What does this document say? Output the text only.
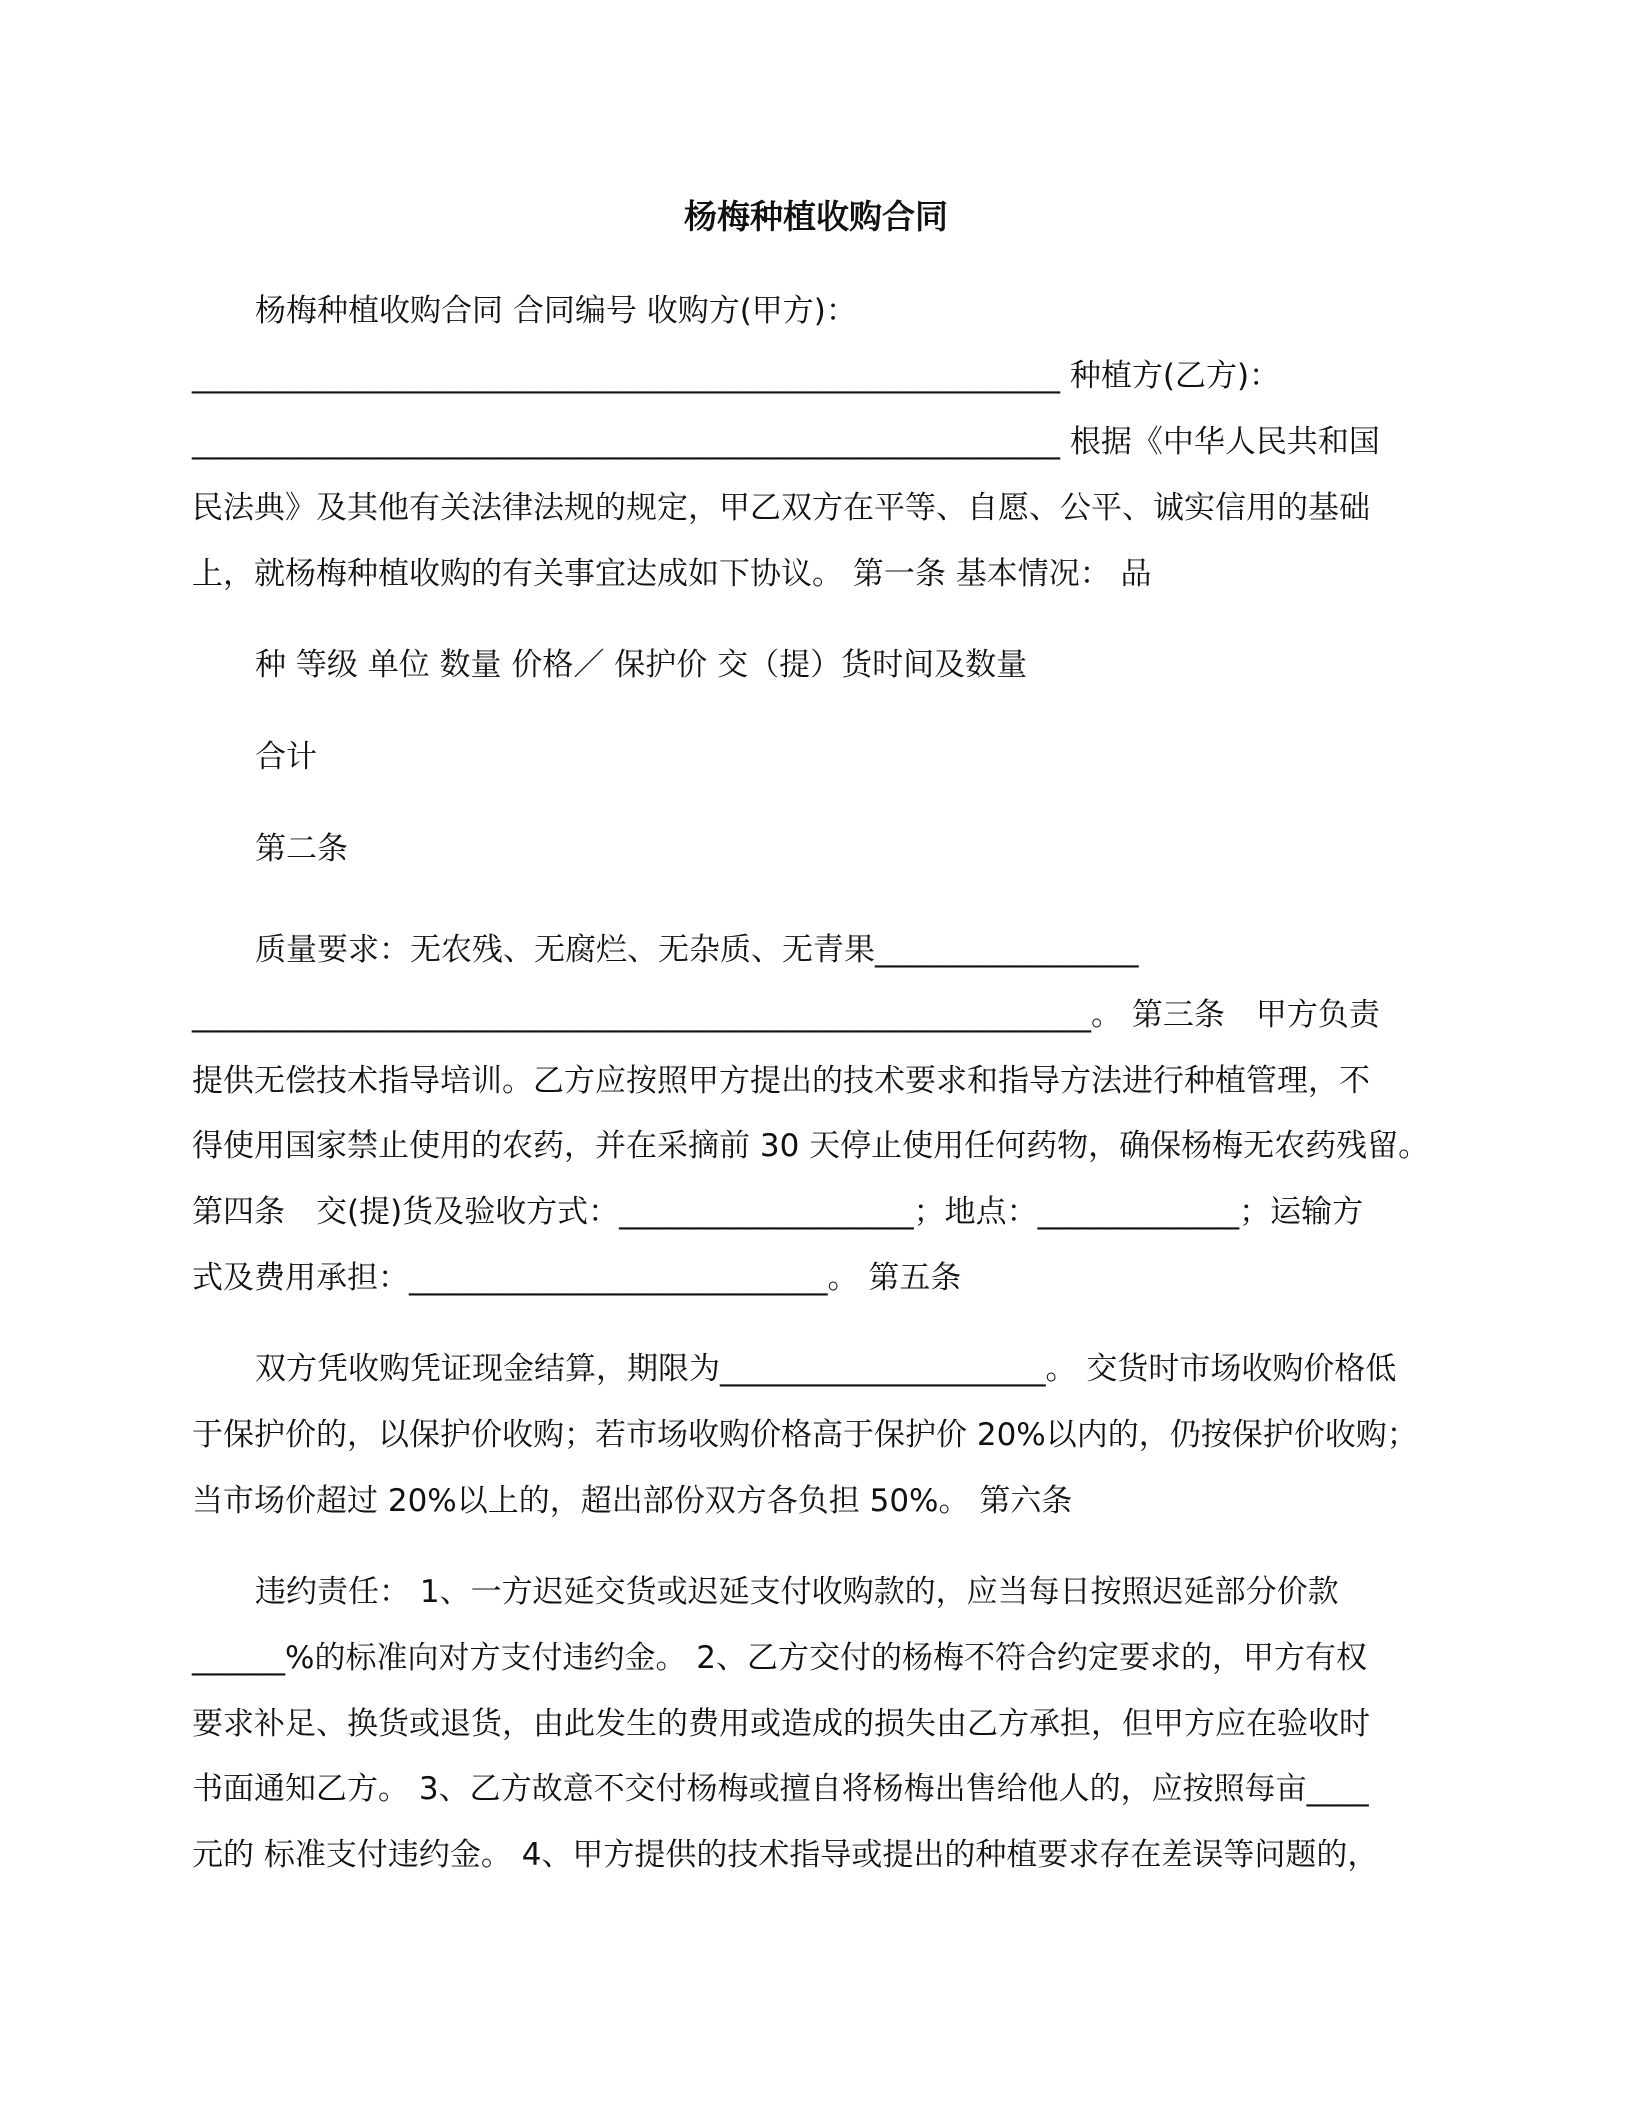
杨梅种植收购合同
杨梅种植收购合同 合同编号 收购方(甲方)：
________________________________________________________ 种植方(乙方)：
________________________________________________________ 根据《中华人民共和国
民法典》及其他有关法律法规的规定，甲乙双方在平等、自愿、公平、诚实信用的基础
上，就杨梅种植收购的有关事宜达成如下协议。 第一条 基本情况： 品
种 等级 单位 数量 价格／ 保护价 交（提）货时间及数量
合计
第二条
质量要求：无农残、无腐烂、无杂质、无青果_________________
__________________________________________________________。 第三条　甲方负责
提供无偿技术指导培训。乙方应按照甲方提出的技术要求和指导方法进行种植管理，不
得使用国家禁止使用的农药，并在采摘前 30 天停止使用任何药物，确保杨梅无农药残留。
第四条　交(提)货及验收方式：___________________；地点：_____________；运输方
式及费用承担：___________________________。 第五条
双方凭收购凭证现金结算，期限为_____________________。 交货时市场收购价格低
于保护价的，以保护价收购；若市场收购价格高于保护价 20%以内的，仍按保护价收购；
当市场价超过 20%以上的，超出部份双方各负担 50%。 第六条
违约责任： 1、一方迟延交货或迟延支付收购款的，应当每日按照迟延部分价款
______%的标准向对方支付违约金。 2、乙方交付的杨梅不符合约定要求的，甲方有权
要求补足、换货或退货，由此发生的费用或造成的损失由乙方承担，但甲方应在验收时
书面通知乙方。 3、乙方故意不交付杨梅或擅自将杨梅出售给他人的，应按照每亩____
元的 标准支付违约金。 4、甲方提供的技术指导或提出的种植要求存在差误等问题的，
